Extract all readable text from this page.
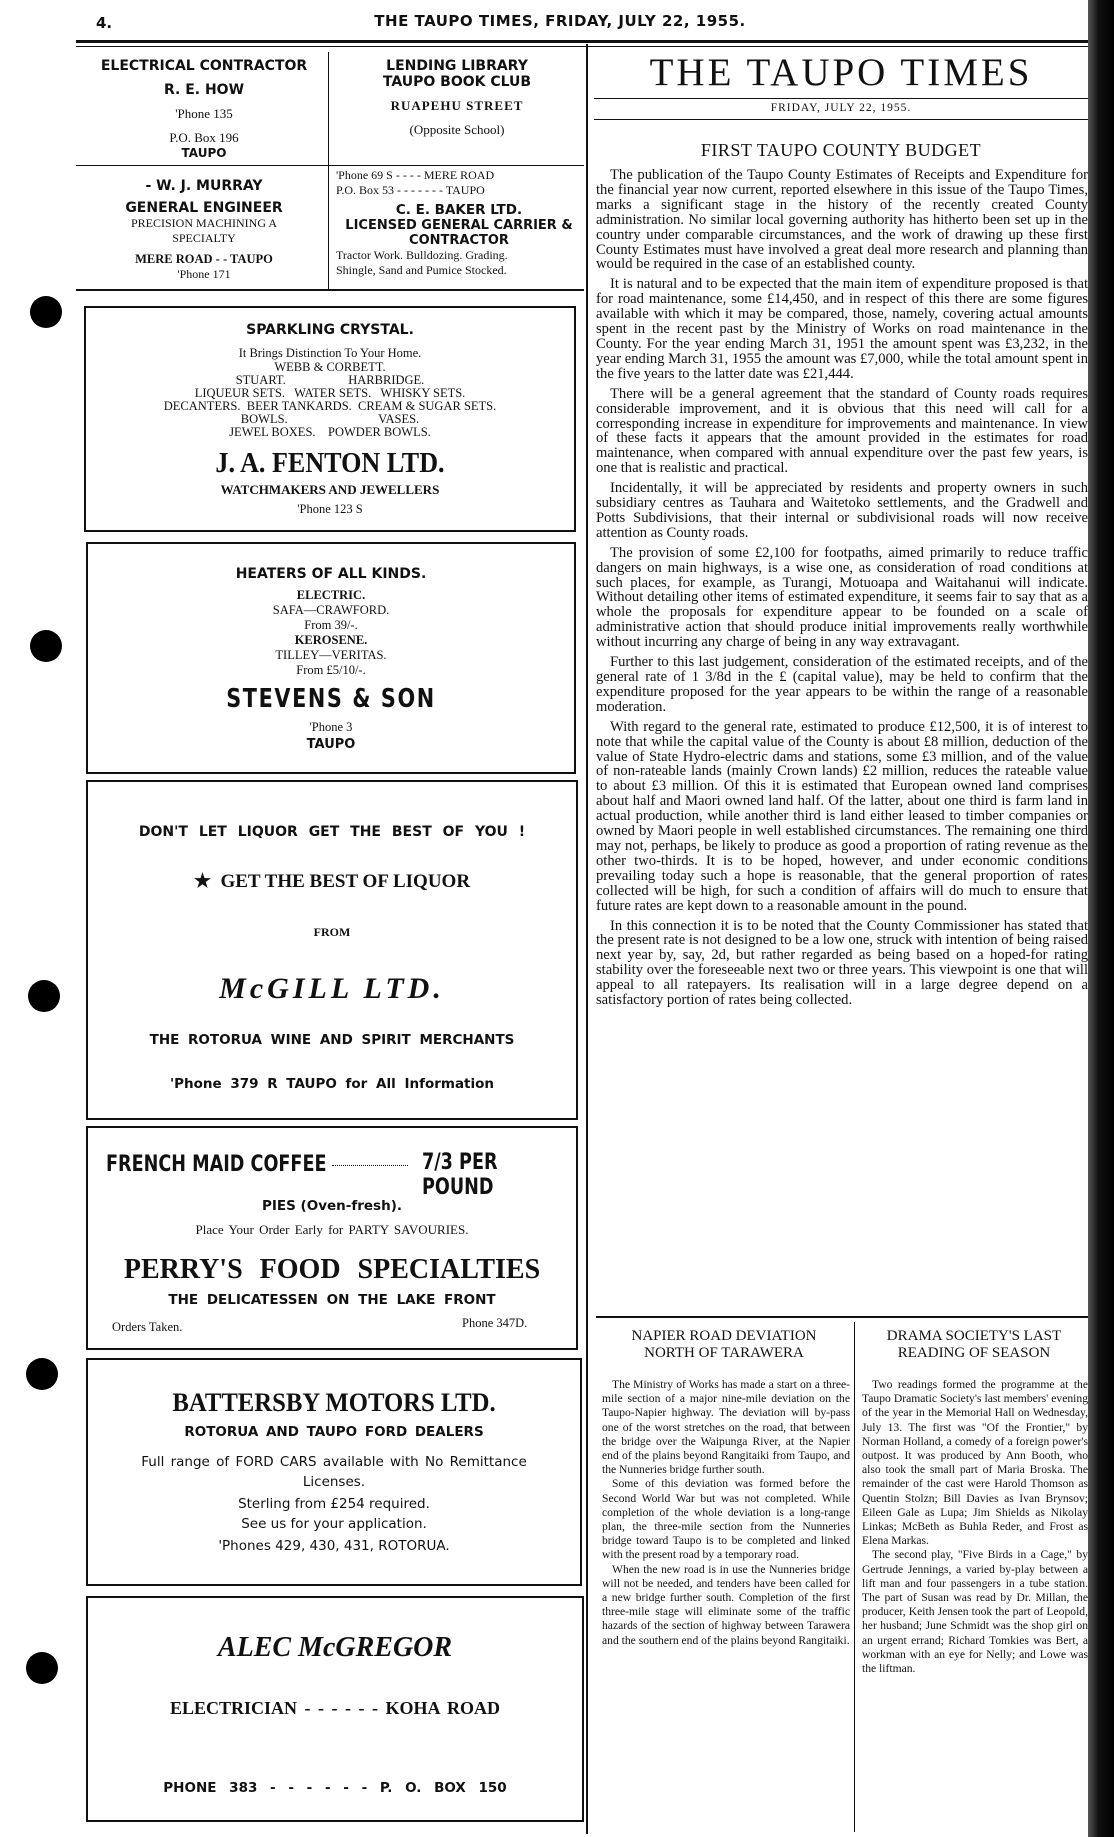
4.	THE TAUPO TIMES, FRIDAY, JULY 22, 1955.
ELECTRICAL CONTRACTOR
R. E. HOW
'Phone 135
P.O. Box 196
TAUPO
LENDING LIBRARY
TAUPO BOOK CLUB
RUAPEHU STREET
(Opposite School)
- W. J. MURRAY
GENERAL ENGINEER
PRECISION MACHINING A
SPECIALTY
MERE ROAD - - TAUPO
'Phone 171
'Phone 69 S - - - - MERE ROAD
P.O. Box 53 - - - - - - - TAUPO
C. E. BAKER LTD.
LICENSED GENERAL CARRIER &
CONTRACTOR
Tractor Work. Bulldozing. Grading.
Shingle, Sand and Pumice Stocked.
SPARKLING CRYSTAL.
It Brings Distinction To Your Home.
WEBB & CORBETT.
STUART.                    HARBRIDGE.
LIQUEUR SETS.   WATER SETS.   WHISKY SETS.
DECANTERS.  BEER TANKARDS.  CREAM & SUGAR SETS.
BOWLS.                             VASES.
JEWEL BOXES.    POWDER BOWLS.
J. A. FENTON LTD.
WATCHMAKERS AND JEWELLERS
'Phone 123 S
HEATERS OF ALL KINDS.
ELECTRIC.
SAFA—CRAWFORD.
From 39/-.
KEROSENE.
TILLEY—VERITAS.
From £5/10/-.
STEVENS & SON
'Phone 3
TAUPO
DON'T LET LIQUOR GET THE BEST OF YOU !
★ GET THE BEST OF LIQUOR
FROM
McGILL LTD.
THE ROTORUA WINE AND SPIRIT MERCHANTS
'Phone 379 R TAUPO for All Information
FRENCH MAID COFFEE	7/3 PER POUND
PIES (Oven-fresh).
Place Your Order Early for PARTY SAVOURIES.
PERRY'S FOOD SPECIALTIES
THE DELICATESSEN ON THE LAKE FRONT
Orders Taken.	Phone 347D.
BATTERSBY MOTORS LTD.
ROTORUA AND TAUPO FORD DEALERS
Full range of FORD CARS available with No Remittance
Licenses.
Sterling from £254 required.
See us for your application.
'Phones 429, 430, 431, ROTORUA.
ALEC McGREGOR
ELECTRICIAN - - - - - - KOHA ROAD
PHONE 383 - - - - - - P. O. BOX 150
THE TAUPO TIMES
FRIDAY, JULY 22, 1955.
FIRST TAUPO COUNTY BUDGET

The publication of the Taupo County Estimates of Receipts and Expenditure for the financial year now current, reported elsewhere in this issue of the Taupo Times, marks a significant stage in the history of the recently created County administration. No similar local governing authority has hitherto been set up in the country under comparable circumstances, and the work of drawing up these first County Estimates must have involved a great deal more research and planning than would be required in the case of an established county.

It is natural and to be expected that the main item of expenditure proposed is that for road maintenance, some £14,450, and in respect of this there are some figures available with which it may be compared, those, namely, covering actual amounts spent in the recent past by the Ministry of Works on road maintenance in the County. For the year ending March 31, 1951 the amount spent was £3,232, in the year ending March 31, 1955 the amount was £7,000, while the total amount spent in the five years to the latter date was £21,444.

There will be a general agreement that the standard of County roads requires considerable improvement, and it is obvious that this need will call for a corresponding increase in expenditure for improvements and maintenance. In view of these facts it appears that the amount provided in the estimates for road maintenance, when compared with annual expenditure over the past few years, is one that is realistic and practical.

Incidentally, it will be appreciated by residents and property owners in such subsidiary centres as Tauhara and Waitetoko settlements, and the Gradwell and Potts Subdivisions, that their internal or subdivisional roads will now receive attention as County roads.

The provision of some £2,100 for footpaths, aimed primarily to reduce traffic dangers on main highways, is a wise one, as consideration of road conditions at such places, for example, as Turangi, Motuoapa and Waitahanui will indicate. Without detailing other items of estimated expenditure, it seems fair to say that as a whole the proposals for expenditure appear to be founded on a scale of administrative action that should produce initial improvements really worthwhile without incurring any charge of being in any way extravagant.

Further to this last judgement, consideration of the estimated receipts, and of the general rate of 1 3/8d in the £ (capital value), may be held to confirm that the expenditure proposed for the year appears to be within the range of a reasonable moderation.

With regard to the general rate, estimated to produce £12,500, it is of interest to note that while the capital value of the County is about £8 million, deduction of the value of State Hydro-electric dams and stations, some £3 million, and of the value of non-rateable lands (mainly Crown lands) £2 million, reduces the rateable value to about £3 million. Of this it is estimated that European owned land comprises about half and Maori owned land half. Of the latter, about one third is farm land in actual production, while another third is land either leased to timber companies or owned by Maori people in well established circumstances. The remaining one third may not, perhaps, be likely to produce as good a proportion of rating revenue as the other two-thirds. It is to be hoped, however, and under economic conditions prevailing today such a hope is reasonable, that the general proportion of rates collected will be high, for such a condition of affairs will do much to ensure that future rates are kept down to a reasonable amount in the pound.

In this connection it is to be noted that the County Commissioner has stated that the present rate is not designed to be a low one, struck with intention of being raised next year by, say, 2d, but rather regarded as being based on a hoped-for rating stability over the foreseeable next two or three years. This viewpoint is one that will appeal to all ratepayers. Its realisation will in a large degree depend on a satisfactory portion of rates being collected.

NAPIER ROAD DEVIATION
NORTH OF TARAWERA

The Ministry of Works has made a start on a three-mile section of a major nine-mile deviation on the Taupo-Napier highway. The deviation will by-pass one of the worst stretches on the road, that between the bridge over the Waipunga River, at the Napier end of the plains beyond Rangitaiki from Taupo, and the Nunneries bridge further south.

Some of this deviation was formed before the Second World War but was not completed. While completion of the whole deviation is a long-range plan, the three-mile section from the Nunneries bridge toward Taupo is to be completed and linked with the present road by a temporary road.

When the new road is in use the Nunneries bridge will not be needed, and tenders have been called for a new bridge further south. Completion of the first three-mile stage will eliminate some of the traffic hazards of the section of highway between Tarawera and the southern end of the plains beyond Rangitaiki.

DRAMA SOCIETY'S LAST
READING OF SEASON

Two readings formed the programme at the Taupo Dramatic Society's last members' evening of the year in the Memorial Hall on Wednesday, July 13. The first was "Of the Frontier," by Norman Holland, a comedy of a foreign power's outpost. It was produced by Ann Booth, who also took the small part of Maria Broska. The remainder of the cast were Harold Thomson as Quentin Stolzn; Bill Davies as Ivan Brynsov; Eileen Gale as Lupa; Jim Shields as Nikolay Linkas; McBeth as Buhla Reder, and Frost as Elena Markas.

The second play, "Five Birds in a Cage," by Gertrude Jennings, a varied by-play between a lift man and four passengers in a tube station. The part of Susan was read by Dr. Millan, the producer, Keith Jensen took the part of Leopold, her husband; June Schmidt was the shop girl on an urgent errand; Richard Tomkies was Bert, a workman with an eye for Nelly; and Lowe was the liftman.
